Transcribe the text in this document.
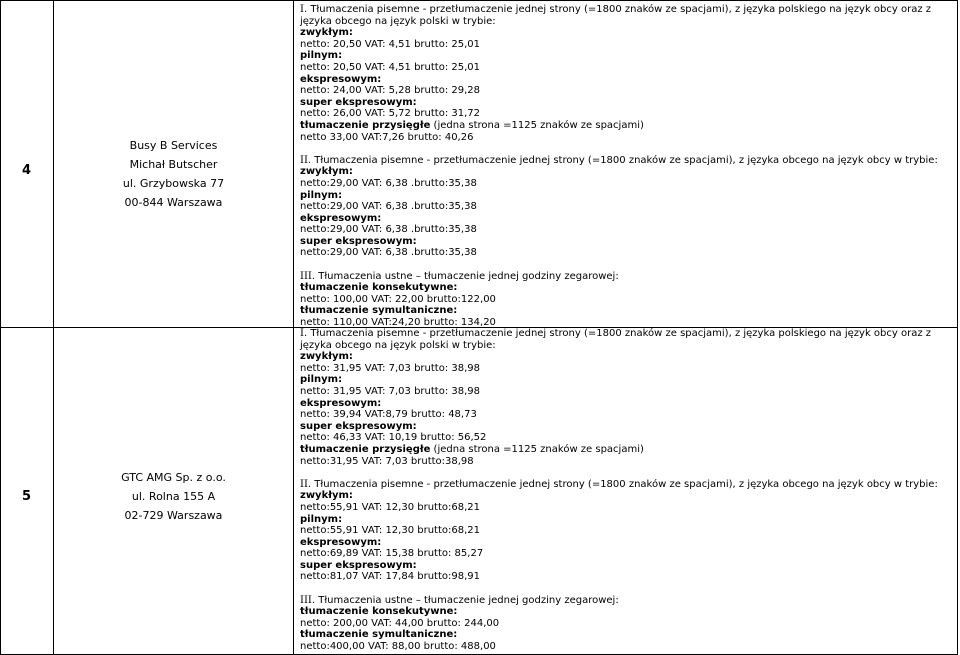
4
Busy B Services
Michał Butscher
ul. Grzybowska 77
00-844 Warszawa
I. Tłumaczenia pisemne - przetłumaczenie jednej strony (=1800 znaków ze spacjami), z języka polskiego na język obcy oraz z języka obcego na język polski w trybie:
zwykłym:
netto: 20,50 VAT: 4,51 brutto: 25,01
pilnym:
netto: 20,50 VAT: 4,51 brutto: 25,01
ekspresowym:
netto: 24,00 VAT: 5,28 brutto: 29,28
super ekspresowym:
netto: 26,00 VAT: 5,72 brutto: 31,72
tłumaczenie przysięgłe (jedna strona =1125 znaków ze spacjami)
netto 33,00 VAT:7,26 brutto: 40,26
II. Tłumaczenia pisemne - przetłumaczenie jednej strony (=1800 znaków ze spacjami), z języka obcego na język obcy w trybie:
zwykłym:
netto:29,00 VAT: 6,38 .brutto:35,38
pilnym:
netto:29,00 VAT: 6,38 .brutto:35,38
ekspresowym:
netto:29,00 VAT: 6,38 .brutto:35,38
super ekspresowym:
netto:29,00 VAT: 6,38 .brutto:35,38
III. Tłumaczenia ustne – tłumaczenie jednej godziny zegarowej:
tłumaczenie konsekutywne:
netto: 100,00 VAT: 22,00 brutto:122,00
tłumaczenie symultaniczne:
netto: 110,00 VAT:24,20 brutto: 134,20
5
GTC AMG Sp. z o.o.
ul. Rolna 155 A
02-729 Warszawa
I. Tłumaczenia pisemne - przetłumaczenie jednej strony (=1800 znaków ze spacjami), z języka polskiego na język obcy oraz z języka obcego na język polski w trybie:
zwykłym:
netto: 31,95 VAT: 7,03 brutto: 38,98
pilnym:
netto: 31,95 VAT: 7,03 brutto: 38,98
ekspresowym:
netto: 39,94 VAT:8,79 brutto: 48,73
super ekspresowym:
netto: 46,33 VAT: 10,19 brutto: 56,52
tłumaczenie przysięgłe (jedna strona =1125 znaków ze spacjami)
netto:31,95 VAT: 7,03 brutto:38,98
II. Tłumaczenia pisemne - przetłumaczenie jednej strony (=1800 znaków ze spacjami), z języka obcego na język obcy w trybie:
zwykłym:
netto:55,91 VAT: 12,30 brutto:68,21
pilnym:
netto:55,91 VAT: 12,30 brutto:68,21
ekspresowym:
netto:69,89 VAT: 15,38 brutto: 85,27
super ekspresowym:
netto:81,07 VAT: 17,84 brutto:98,91
III. Tłumaczenia ustne – tłumaczenie jednej godziny zegarowej:
tłumaczenie konsekutywne:
netto: 200,00 VAT: 44,00 brutto: 244,00
tłumaczenie symultaniczne:
netto:400,00 VAT: 88,00 brutto: 488,00
